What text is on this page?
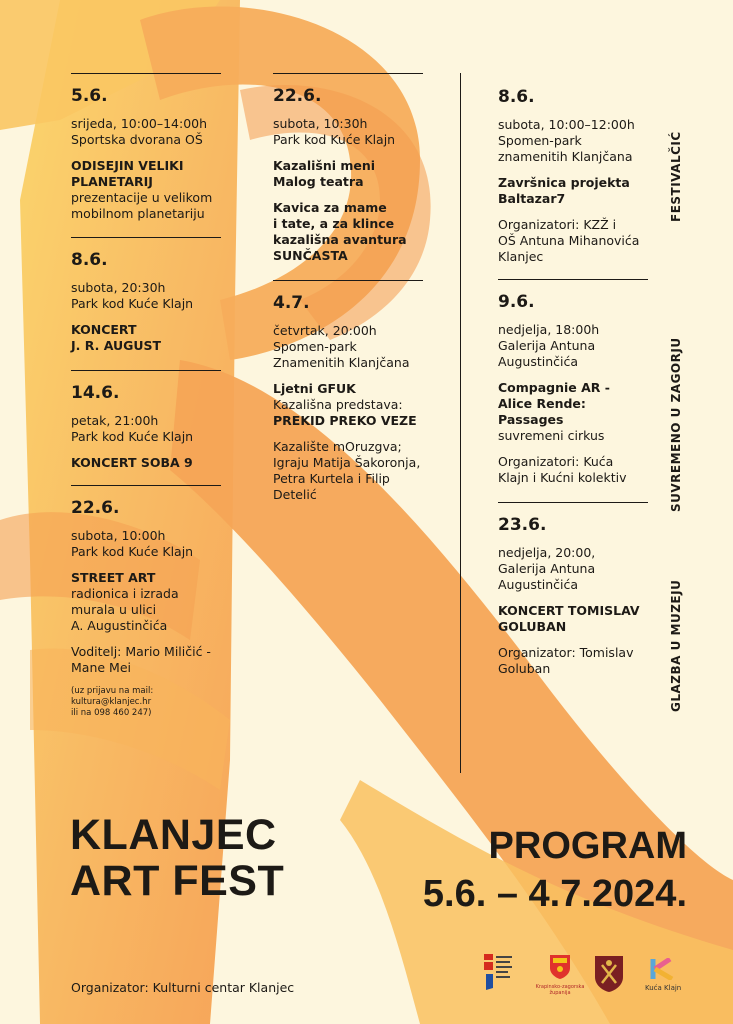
5.6.
srijeda, 10:00–14:00h
Sportska dvorana OŠ
ODISEJIN VELIKI
PLANETARIJ
prezentacije u velikom
mobilnom planetariju
8.6.
subota, 20:30h
Park kod Kuće Klajn
KONCERT
J. R. AUGUST
14.6.
petak, 21:00h
Park kod Kuće Klajn
KONCERT SOBA 9
22.6.
subota, 10:00h
Park kod Kuće Klajn
STREET ART
radionica i izrada
murala u ulici
A. Augustinčića
Voditelj: Mario Miličić -
Mane Mei
(uz prijavu na mail: kultura@klanjec.hr
ili na 098 460 247)
22.6.
subota, 10:30h
Park kod Kuće Klajn
Kazališni meni
Malog teatra
Kavica za mame
i tate, a za klince
kazališna avantura
SUNČASTA
4.7.
četvrtak, 20:00h
Spomen-park
Znamenitih Klanjčana
Ljetni GFUK
Kazališna predstava:
PREKID PREKO VEZE
Kazalište mOruzgva;
Igraju Matija Šakoronja,
Petra Kurtela i Filip
Detelić
8.6.
subota, 10:00–12:00h
Spomen-park
znamenitih Klanjčana
Završnica projekta
Baltazar7
Organizatori: KZŽ i
OŠ Antuna Mihanovića
Klanjec
9.6.
nedjelja, 18:00h
Galerija Antuna
Augustinčića
Compagnie AR -
Alice Rende:
Passages
suvremeni cirkus
Organizatori: Kuća
Klajn i Kućni kolektiv
23.6.
nedjelja, 20:00,
Galerija Antuna
Augustinčića
KONCERT TOMISLAV
GOLUBAN
Organizator: Tomislav
Goluban
FESTIVALČIĆ
SUVREMENO U ZAGORJU
GLAZBA U MUZEJU
KLANJEC
ART FEST
PROGRAM
5.6. – 4.7.2024.
Organizator: Kulturni centar Klanjec	Krapinsko-zagorska županija
Kuća Klajn
